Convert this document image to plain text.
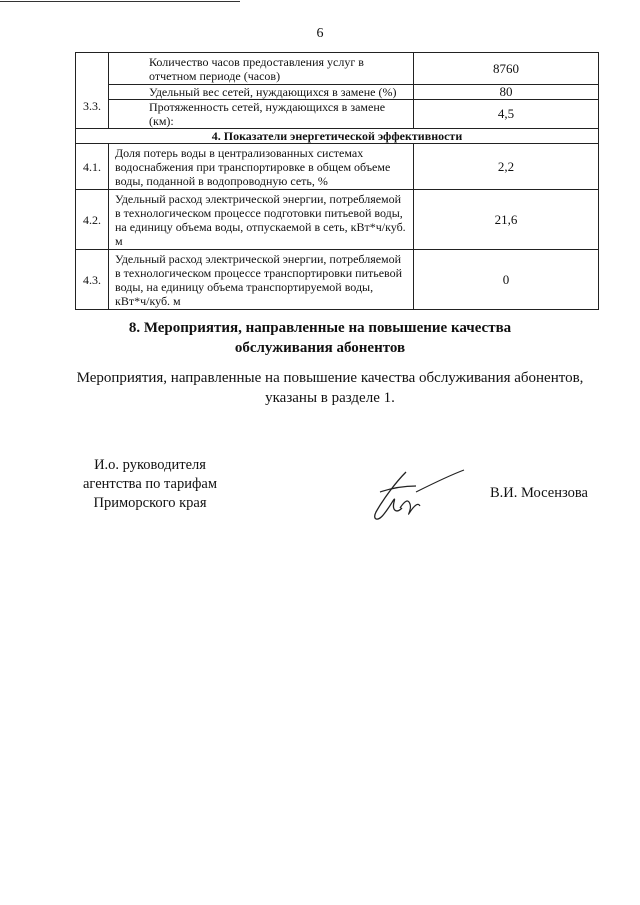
6
	Количество часов предоставления услуг в отчетном периоде (часов)	8760
3.3.	Удельный вес сетей, нуждающихся в замене (%)	80
	Протяженность сетей, нуждающихся в замене (км):	4,5
4. Показатели энергетической эффективности		
4.1.	Доля потерь воды в централизованных системах водоснабжения при транспортировке в общем объеме воды, поданной в водопроводную сеть, %	2,2
4.2.	Удельный расход электрической энергии, потребляемой в технологическом процессе подготовки питьевой воды, на единицу объема воды, отпускаемой в сеть, кВт*ч/куб. м	21,6
4.3.	Удельный расход электрической энергии, потребляемой в технологическом процессе транспортировки питьевой воды, на единицу объема транспортируемой воды, кВт*ч/куб. м	0
8. Мероприятия, направленные на повышение качества
обслуживания абонентов

Мероприятия, направленные на повышение качества обслуживания абонентов, указаны в разделе 1.

И.о. руководителя
агентства по тарифам
Приморского края
В.И. Мосензова
